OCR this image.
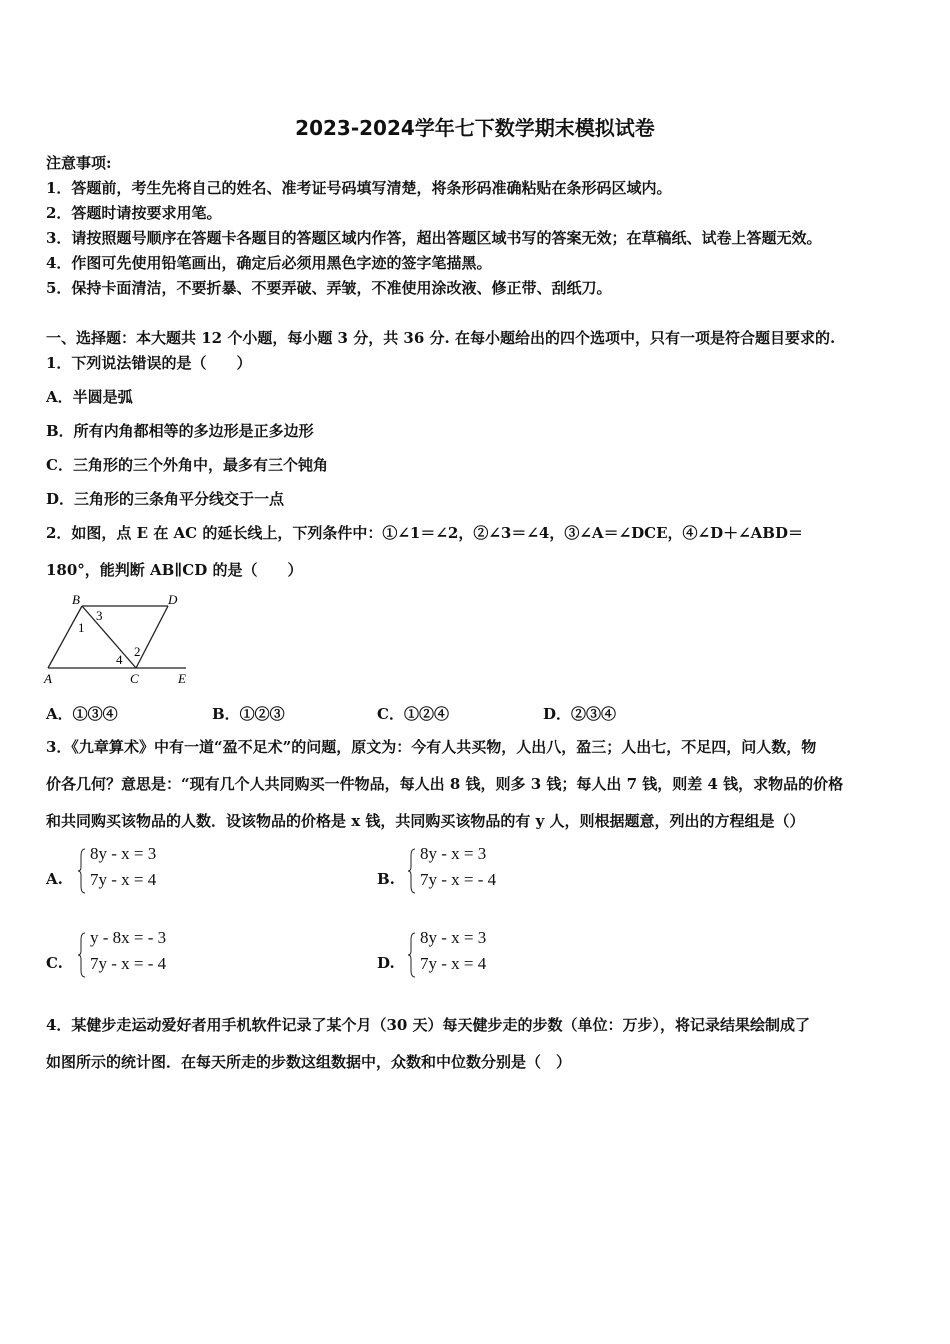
2023-2024学年七下数学期末模拟试卷
注意事项:
1．答题前，考生先将自己的姓名、准考证号码填写清楚，将条形码准确粘贴在条形码区域内。
2．答题时请按要求用笔。
3．请按照题号顺序在答题卡各题目的答题区域内作答，超出答题区域书写的答案无效；在草稿纸、试卷上答题无效。
4．作图可先使用铅笔画出，确定后必须用黑色字迹的签字笔描黑。
5．保持卡面清洁，不要折暴、不要弄破、弄皱，不准使用涂改液、修正带、刮纸刀。
一、选择题：本大题共 12 个小题，每小题 3 分，共 36 分. 在每小题给出的四个选项中，只有一项是符合题目要求的.
1．下列说法错误的是（　　）
A．半圆是弧
B．所有内角都相等的多边形是正多边形
C．三角形的三个外角中，最多有三个钝角
D．三角形的三条角平分线交于一点
2．如图，点 E 在 AC 的延长线上，下列条件中：①∠1＝∠2，②∠3＝∠4，③∠A＝∠DCE，④∠D＋∠ABD＝
180°，能判断 AB∥CD 的是（　　）
B	D
A	C	E
1
2
3
4
A．①③④	B．①②③	C．①②④	D．②③④
3．《九章算术》中有一道“盈不足术”的问题，原文为：今有人共买物，人出八，盈三；人出七，不足四，问人数，物
价各几何？意思是：“现有几个人共同购买一件物品，每人出 8 钱，则多 3 钱；每人出 7 钱，则差 4 钱，求物品的价格
和共同购买该物品的人数．设该物品的价格是 x 钱，共同购买该物品的有 y 人，则根据题意，列出的方程组是（）
A.
8y - x = 3
7y - x = 4	B.
8y - x = 3
7y - x = - 4
C.
y - 8x = - 3
7y - x = - 4	D.
8y - x = 3
7y - x = 4
4．某健步走运动爱好者用手机软件记录了某个月（30 天）每天健步走的步数（单位：万步），将记录结果绘制成了
如图所示的统计图．在每天所走的步数这组数据中，众数和中位数分别是（　）
